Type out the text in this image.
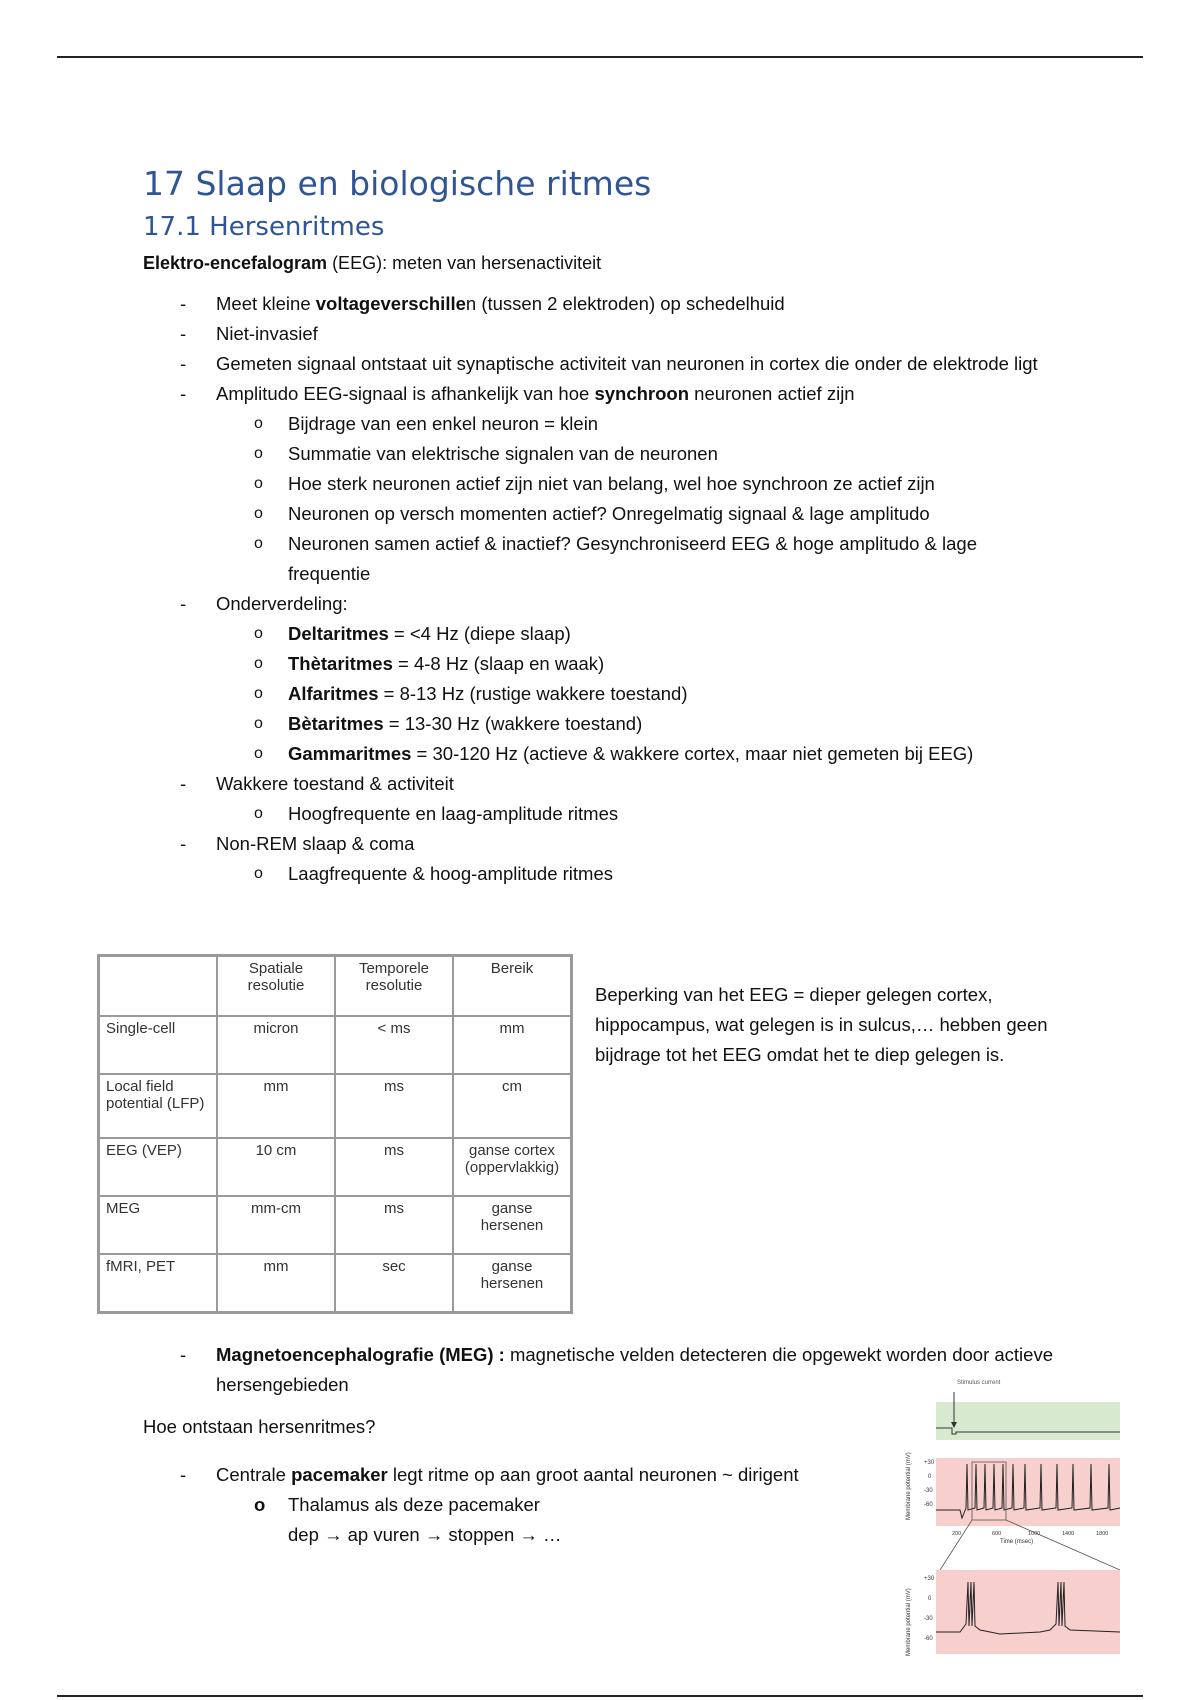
17 Slaap en biologische ritmes
17.1 Hersenritmes
Elektro-encefalogram (EEG): meten van hersenactiviteit
- Meet kleine voltageverschillen (tussen 2 elektroden) op schedelhuid
- Niet-invasief
- Gemeten signaal ontstaat uit synaptische activiteit van neuronen in cortex die onder de elektrode ligt
- Amplitudo EEG-signaal is afhankelijk van hoe synchroon neuronen actief zijn
o Bijdrage van een enkel neuron = klein
o Summatie van elektrische signalen van de neuronen
o Hoe sterk neuronen actief zijn niet van belang, wel hoe synchroon ze actief zijn
o Neuronen op versch momenten actief? Onregelmatig signaal & lage amplitudo
o Neuronen samen actief & inactief? Gesynchroniseerd EEG & hoge amplitudo & lage frequentie
- Onderverdeling:
o Deltaritmes = <4 Hz (diepe slaap)
o Thètaritmes = 4-8 Hz (slaap en waak)
o Alfaritmes = 8-13 Hz (rustige wakkere toestand)
o Bètaritmes = 13-30 Hz (wakkere toestand)
o Gammaritmes = 30-120 Hz (actieve & wakkere cortex, maar niet gemeten bij EEG)
- Wakkere toestand & activiteit
o Hoogfrequente en laag-amplitude ritmes
- Non-REM slaap & coma
o Laagfrequente & hoog-amplitude ritmes
	Spatiale resolutie	Temporele resolutie	Bereik
Single-cell	micron	< ms	mm
Local field potential (LFP)	mm	ms	cm
EEG (VEP)	10 cm	ms	ganse cortex (oppervlakkig)
MEG	mm-cm	ms	ganse hersenen
fMRI, PET	mm	sec	ganse hersenen
Beperking van het EEG = dieper gelegen cortex, hippocampus, wat gelegen is in sulcus,… hebben geen bijdrage tot het EEG omdat het te diep gelegen is.
- Magnetoencephalografie (MEG) : magnetische velden detecteren die opgewekt worden door actieve hersengebieden
Hoe ontstaan hersenritmes?
- Centrale pacemaker legt ritme op aan groot aantal neuronen ~ dirigent
o Thalamus als deze pacemaker
dep → ap vuren → stoppen → …
Stimulus current
Membrane potential (mV) +30
0
-30
-60
200	600	1000	1400	1800
Time (msec)
Membrane potential (mV)
+30
0
-30
-60
